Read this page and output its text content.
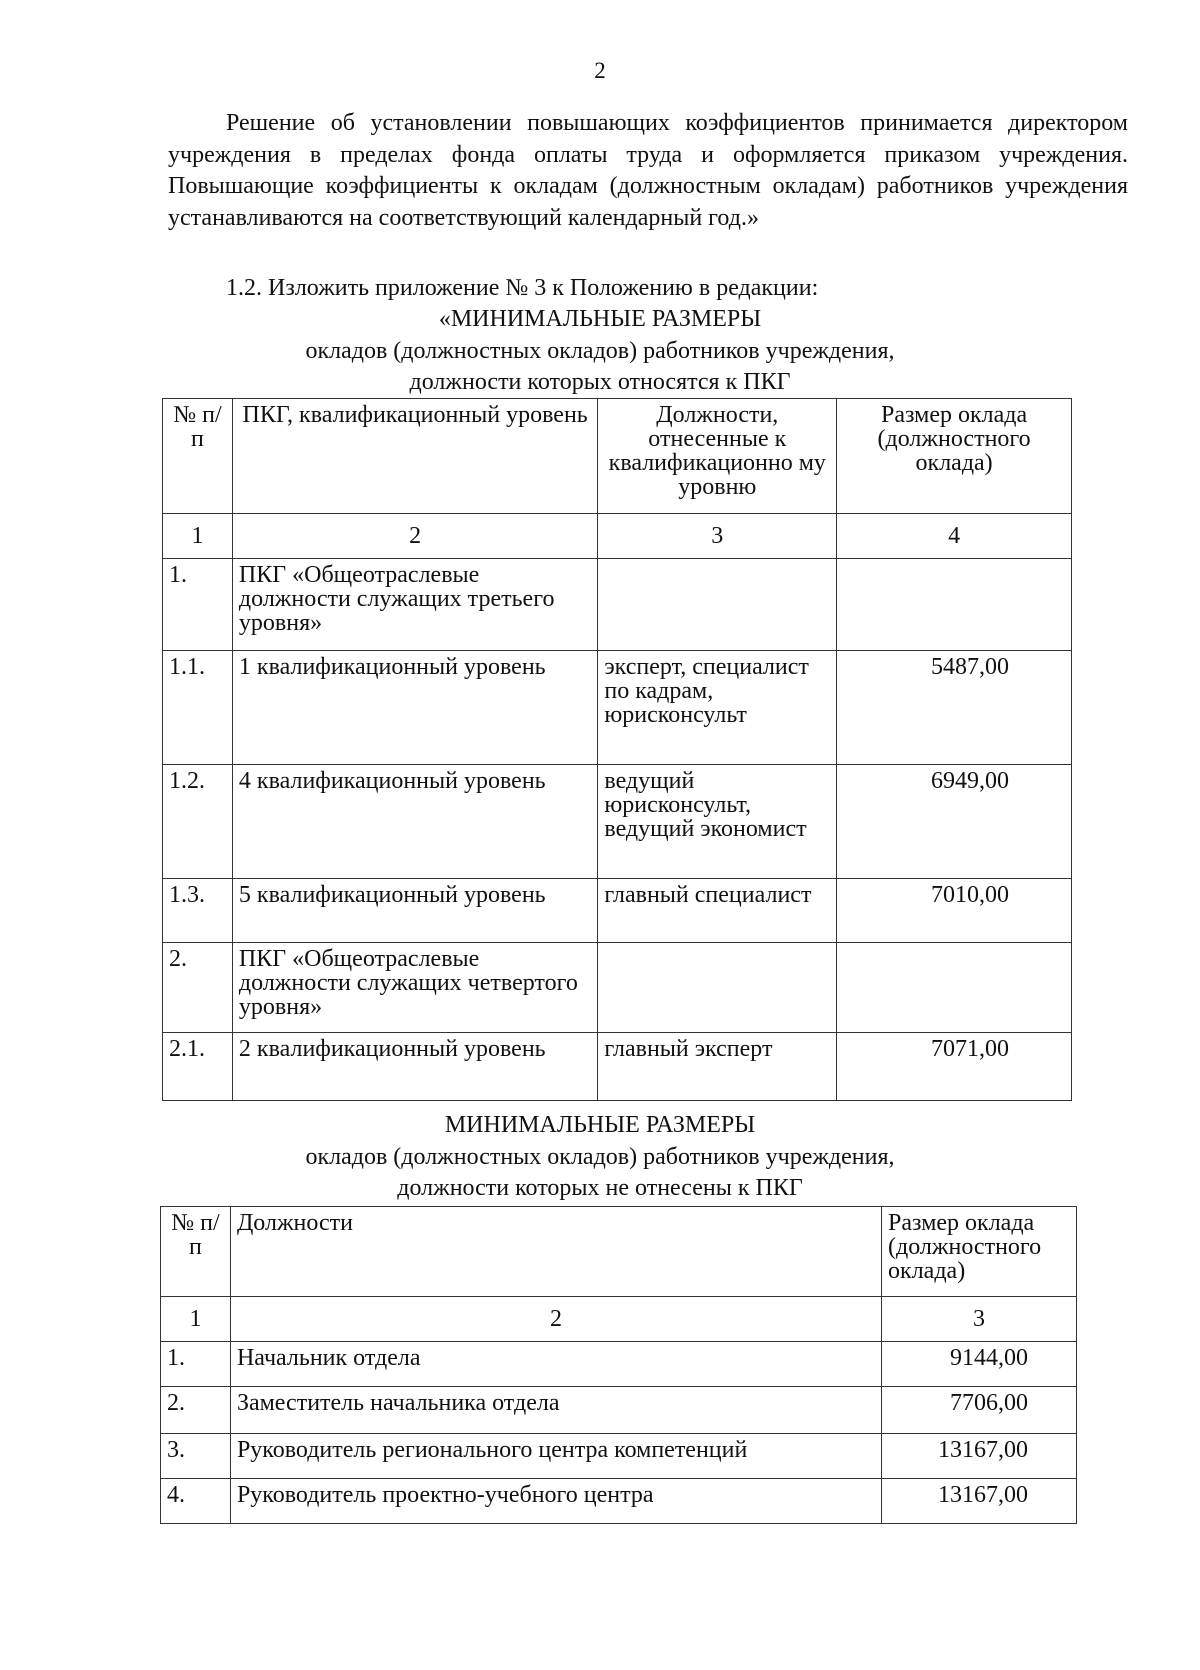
2
Решение об установлении повышающих коэффициентов принимается директором учреждения в пределах фонда оплаты труда и оформляется приказом учреждения. Повышающие коэффициенты к окладам (должностным окладам) работников учреждения устанавливаются на соответствующий календарный год.»
1.2. Изложить приложение № 3 к Положению в редакции:
«МИНИМАЛЬНЫЕ РАЗМЕРЫ
окладов (должностных окладов) работников учреждения,
должности которых относятся к ПКГ
№ п/п	ПКГ, квалификационный уровень	Должности, отнесенные к квалификационно му уровню	Размер оклада (должностного оклада)
1	2	3	4
1.	ПКГ «Общеотраслевые должности служащих третьего уровня»		
1.1.	1 квалификационный уровень	эксперт, специалист по кадрам, юрисконсульт	5487,00
1.2.	4 квалификационный уровень	ведущий юрисконсульт, ведущий экономист	6949,00
1.3.	5 квалификационный уровень	главный специалист	7010,00
2.	ПКГ «Общеотраслевые должности служащих четвертого уровня»		
2.1.	2 квалификационный уровень	главный эксперт	7071,00
МИНИМАЛЬНЫЕ РАЗМЕРЫ
окладов (должностных окладов) работников учреждения,
должности которых не отнесены к ПКГ
№ п/п	Должности	Размер оклада (должностного оклада)
1	2	3
1.	Начальник отдела	9144,00
2.	Заместитель начальника отдела	7706,00
3.	Руководитель регионального центра компетенций	13167,00
4.	Руководитель проектно-учебного центра	13167,00
